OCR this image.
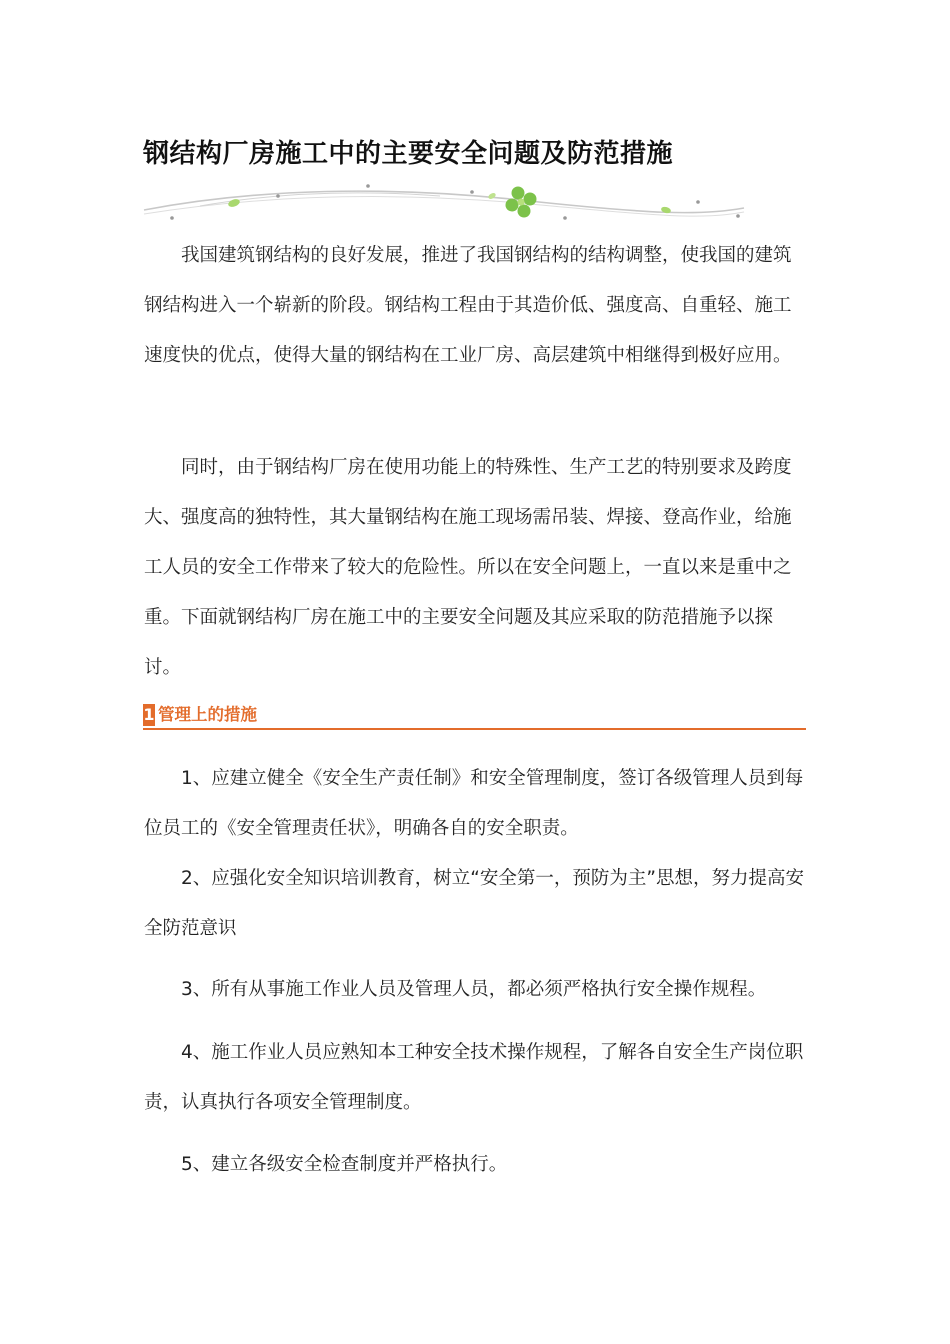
钢结构厂房施工中的主要安全问题及防范措施

我国建筑钢结构的良好发展，推进了我国钢结构的结构调整，使我国的建筑钢结构进入一个崭新的阶段。钢结构工程由于其造价低、强度高、自重轻、施工速度快的优点，使得大量的钢结构在工业厂房、高层建筑中相继得到极好应用。

同时，由于钢结构厂房在使用功能上的特殊性、生产工艺的特别要求及跨度大、强度高的独特性，其大量钢结构在施工现场需吊装、焊接、登高作业，给施工人员的安全工作带来了较大的危险性。所以在安全问题上，一直以来是重中之重。下面就钢结构厂房在施工中的主要安全问题及其应采取的防范措施予以探讨。

1 管理上的措施

1、应建立健全《安全生产责任制》和安全管理制度，签订各级管理人员到每位员工的《安全管理责任状》，明确各自的安全职责。

2、应强化安全知识培训教育，树立“安全第一，预防为主”思想，努力提高安全防范意识

3、所有从事施工作业人员及管理人员，都必须严格执行安全操作规程。

4、施工作业人员应熟知本工种安全技术操作规程，了解各自安全生产岗位职责，认真执行各项安全管理制度。

5、建立各级安全检查制度并严格执行。
